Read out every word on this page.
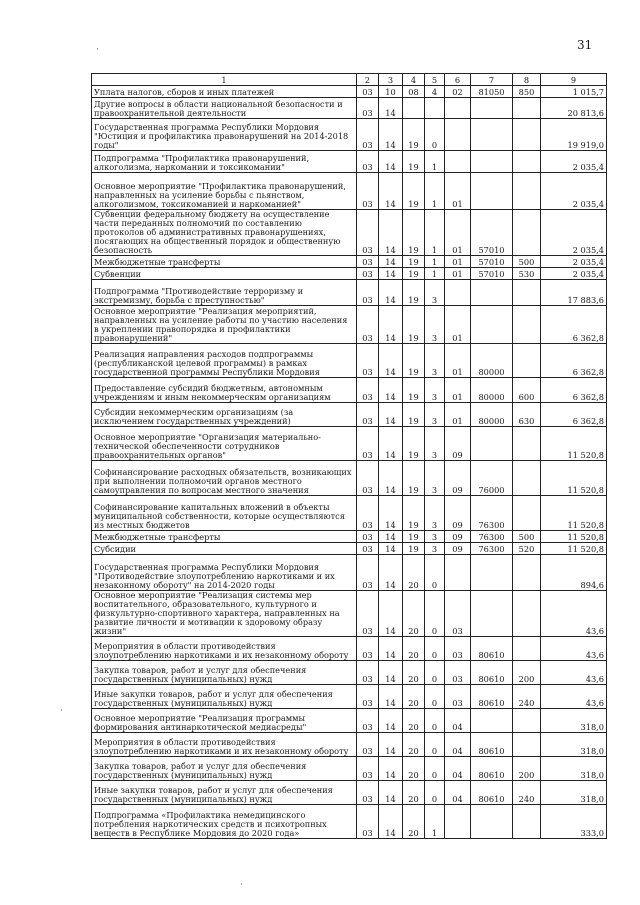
31
·
·
·
1	2	3	4	5	6	7	8	9
Уплата налогов, сборов и иных платежей	03	10	08	4	02	81050	850	1 015,7
Другие вопросы в области национальной безопасности и правоохранительной деятельности	03	14						20 813,6
Государственная программа Республики Мордовия "Юстиция и профилактика правонарушений на 2014-2018 годы"	03	14	19	0				19 919,0
Подпрограмма "Профилактика правонарушений, алкоголизма, наркомании и токсикомании"	03	14	19	1				2 035,4
Основное мероприятие "Профилактика правонарушений, направленных на усиление борьбы с пьянством, алкоголизмом, токсикоманией и наркоманией"	03	14	19	1	01			2 035,4
Субвенции федеральному бюджету на осуществление части переданных полномочий по составлению протоколов об административных правонарушениях, посягающих на общественный порядок и общественную безопасность	03	14	19	1	01	57010		2 035,4
Межбюджетные трансферты	03	14	19	1	01	57010	500	2 035,4
Субвенции	03	14	19	1	01	57010	530	2 035,4
Подпрограмма "Противодействие терроризму и экстремизму, борьба с преступностью"	03	14	19	3				17 883,6
Основное мероприятие "Реализация мероприятий, направленных на усиление работы по участию населения в укреплении правопорядка и профилактики правонарушений"	03	14	19	3	01			6 362,8
Реализация направления расходов подпрограммы (республиканской целевой программы) в рамках государственной программы Республики Мордовия	03	14	19	3	01	80000		6 362,8
Предоставление субсидий бюджетным, автономным учреждениям и иным некоммерческим организациям	03	14	19	3	01	80000	600	6 362,8
Субсидии некоммерческим организациям (за исключением государственных учреждений)	03	14	19	3	01	80000	630	6 362,8
Основное мероприятие "Организация материально-технической обеспеченности сотрудников правоохранительных органов"	03	14	19	3	09			11 520,8
Софинансирование расходных обязательств, возникающих при выполнении полномочий органов местного самоуправления по вопросам местного значения	03	14	19	3	09	76000		11 520,8
Софинансирование капитальных вложений в объекты муниципальной собственности, которые осуществляются из местных бюджетов	03	14	19	3	09	76300		11 520,8
Межбюджетные трансферты	03	14	19	3	09	76300	500	11 520,8
Субсидии	03	14	19	3	09	76300	520	11 520,8
Государственная программа Республики Мордовия "Противодействие злоупотреблению наркотиками и их незаконному обороту" на 2014-2020 годы	03	14	20	0				894,6
Основное мероприятие "Реализация системы мер воспитательного, образовательного, культурного и физкультурно-спортивного характера, направленных на развитие личности и мотивации к здоровому образу жизни"	03	14	20	0	03			43,6
Мероприятия в области противодействия злоупотреблению наркотиками и их незаконному обороту	03	14	20	0	03	80610		43,6
Закупка товаров, работ и услуг для обеспечения государственных (муниципальных) нужд	03	14	20	0	03	80610	200	43,6
Иные закупки товаров, работ и услуг для обеспечения государственных (муниципальных) нужд	03	14	20	0	03	80610	240	43,6
Основное мероприятие "Реализация программы формирования антинаркотической медиасреды"	03	14	20	0	04			318,0
Мероприятия в области противодействия злоупотреблению наркотиками и их незаконному обороту	03	14	20	0	04	80610		318,0
Закупка товаров, работ и услуг для обеспечения государственных (муниципальных) нужд	03	14	20	0	04	80610	200	318,0
Иные закупки товаров, работ и услуг для обеспечения государственных (муниципальных) нужд	03	14	20	0	04	80610	240	318,0
Подпрограмма «Профилактика немедицинского потребления наркотических средств и психотропных веществ в Республике Мордовия до 2020 года»	03	14	20	1				333,0
